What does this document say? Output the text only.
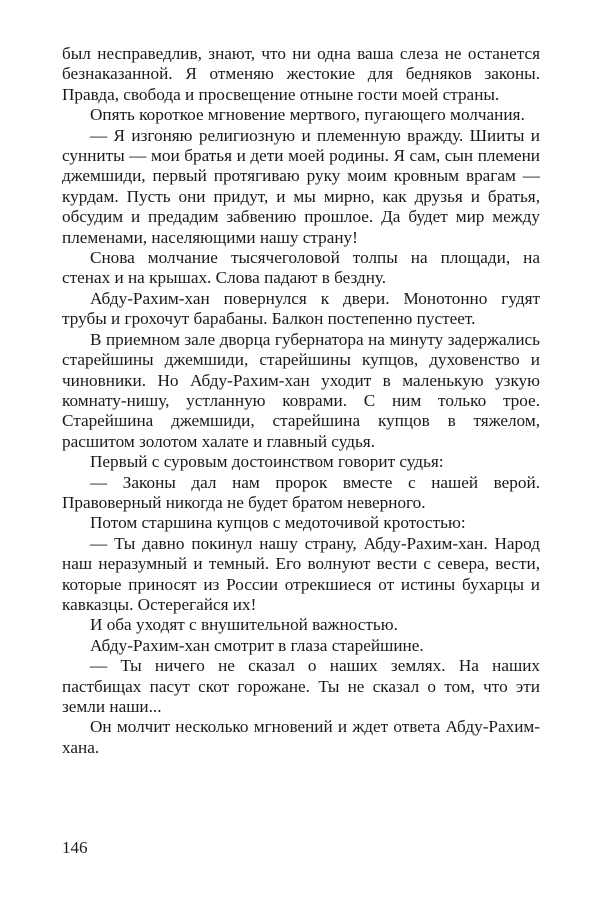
был несправедлив, знают, что ни одна ваша слеза не останется безнаказанной. Я отменяю жестокие для бедняков законы. Правда, свобода и просвещение отныне гости моей страны.

Опять короткое мгновение мертвого, пугающего молчания.

— Я изгоняю религиозную и племенную вражду. Шииты и сунниты — мои братья и дети моей родины. Я сам, сын племени джемшиди, первый протягиваю руку моим кровным врагам — курдам. Пусть они придут, и мы мирно, как друзья и братья, обсудим и предадим забвению прошлое. Да будет мир между племенами, населяющими нашу страну!

Снова молчание тысячеголовой толпы на площади, на стенах и на крышах. Слова падают в бездну.

Абду-Рахим-хан повернулся к двери. Монотонно гудят трубы и грохочут барабаны. Балкон постепенно пустеет.

В приемном зале дворца губернатора на минуту задержались старейшины джемшиди, старейшины купцов, духовенство и чиновники. Но Абду-Рахим-хан уходит в маленькую узкую комнату-нишу, устланную коврами. С ним только трое. Старейшина джемшиди, старейшина купцов в тяжелом, расшитом золотом халате и главный судья.

Первый с суровым достоинством говорит судья:

— Законы дал нам пророк вместе с нашей верой. Правоверный никогда не будет братом неверного.

Потом старшина купцов с медоточивой кротостью:

— Ты давно покинул нашу страну, Абду-Рахим-хан. Народ наш неразумный и темный. Его волнуют вести с севера, вести, которые приносят из России отрекшиеся от истины бухарцы и кавказцы. Остерегайся их!

И оба уходят с внушительной важностью.

Абду-Рахим-хан смотрит в глаза старейшине.

— Ты ничего не сказал о наших землях. На наших пастбищах пасут скот горожане. Ты не сказал о том, что эти земли наши...

Он молчит несколько мгновений и ждет ответа Абду-Рахим-хана.

146
